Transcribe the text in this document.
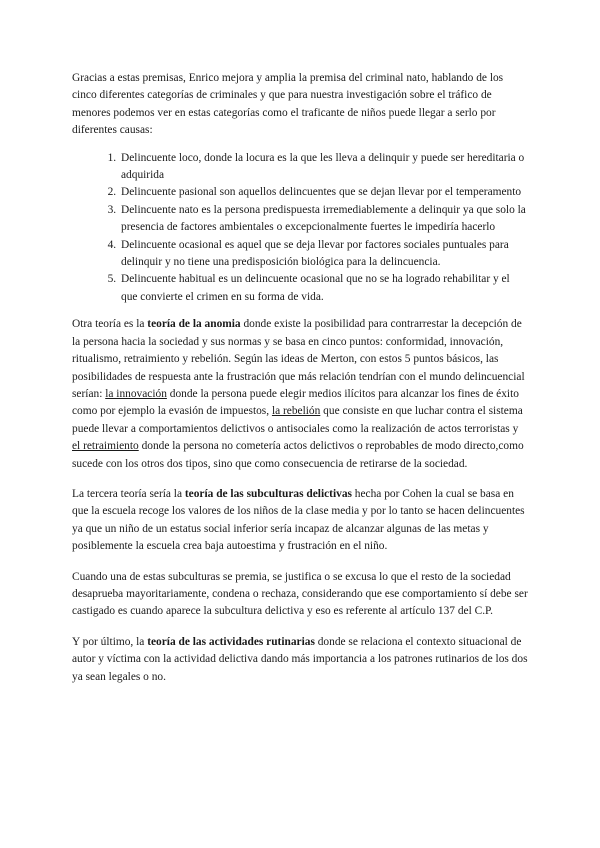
Gracias a estas premisas, Enrico mejora y amplia la premisa del criminal nato, hablando de los cinco diferentes categorías de criminales y que para nuestra investigación sobre el tráfico de menores podemos ver en estas categorías como el traficante de niños puede llegar a serlo por diferentes causas:

1. Delincuente loco, donde la locura es la que les lleva a delinquir y puede ser hereditaria o adquirida
2. Delincuente pasional son aquellos delincuentes que se dejan llevar por el temperamento
3. Delincuente nato es la persona predispuesta irremediablemente a delinquir ya que solo la presencia de factores ambientales o excepcionalmente fuertes le impediría hacerlo
4. Delincuente ocasional es aquel que se deja llevar por factores sociales puntuales para delinquir y no tiene una predisposición biológica para la delincuencia.
5. Delincuente habitual es un delincuente ocasional que no se ha logrado rehabilitar y el que convierte el crimen en su forma de vida.

Otra teoría es la teoría de la anomia donde existe la posibilidad para contrarrestar la decepción de la persona hacia la sociedad y sus normas y se basa en cinco puntos: conformidad, innovación, ritualismo, retraimiento y rebelión. Según las ideas de Merton, con estos 5 puntos básicos, las posibilidades de respuesta ante la frustración que más relación tendrían con el mundo delincuencial serían: la innovación donde la persona puede elegir medios ilícitos para alcanzar los fines de éxito como por ejemplo la evasión de impuestos, la rebelión que consiste en que luchar contra el sistema puede llevar a comportamientos delictivos o antisociales como la realización de actos terroristas y el retraimiento donde la persona no cometería actos delictivos o reprobables de modo directo,como sucede con los otros dos tipos, sino que como consecuencia de retirarse de la sociedad.

La tercera teoría sería la teoría de las subculturas delictivas hecha por Cohen la cual se basa en que la escuela recoge los valores de los niños de la clase media y por lo tanto se hacen delincuentes ya que un niño de un estatus social inferior sería incapaz de alcanzar algunas de las metas y posiblemente la escuela crea baja autoestima y frustración en el niño.

Cuando una de estas subculturas se premia, se justifica o se excusa lo que el resto de la sociedad desaprueba mayoritariamente, condena o rechaza, considerando que ese comportamiento sí debe ser castigado es cuando aparece la subcultura delictiva y eso es referente al artículo 137 del C.P.

Y por último, la teoría de las actividades rutinarias donde se relaciona el contexto situacional de autor y víctima con la actividad delictiva dando más importancia a los patrones rutinarios de los dos ya sean legales o no.
